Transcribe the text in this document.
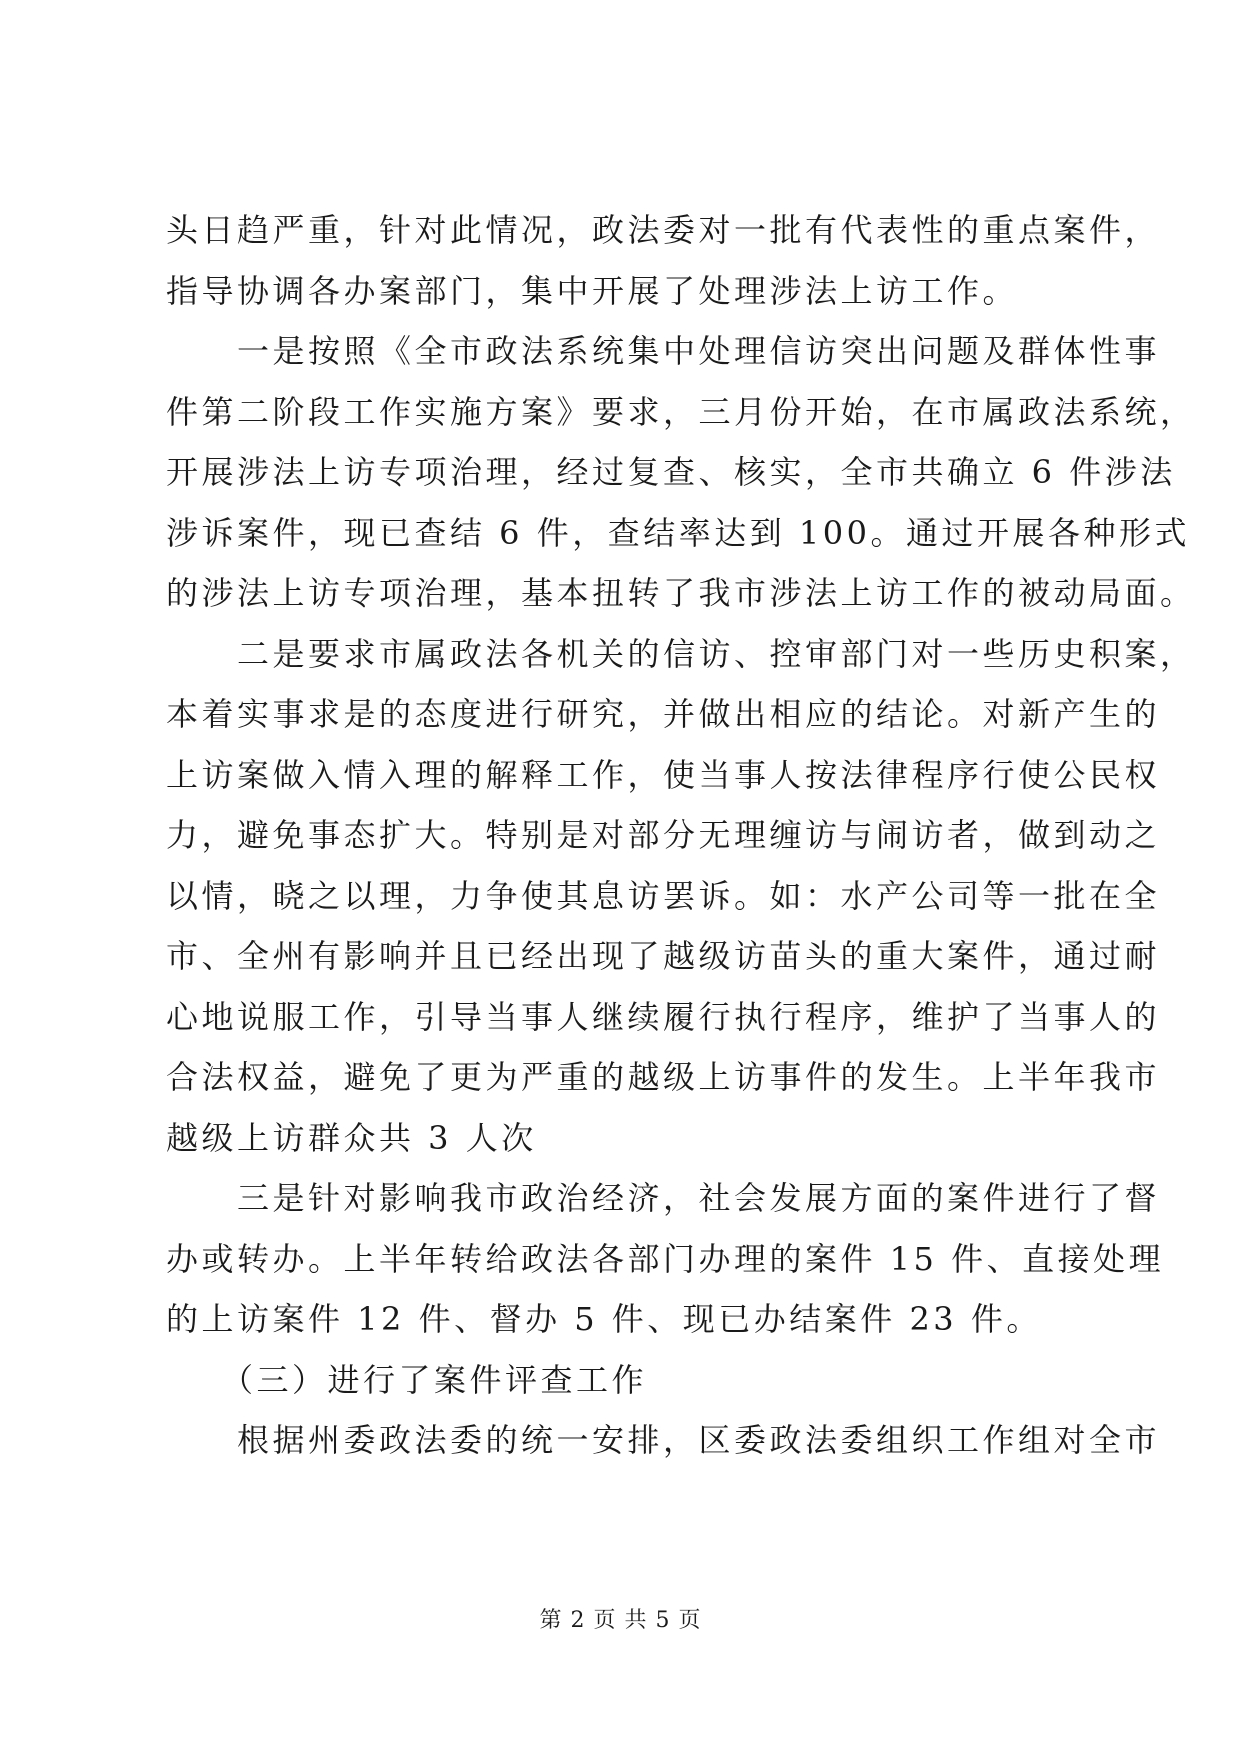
头日趋严重，针对此情况，政法委对一批有代表性的重点案件，
指导协调各办案部门，集中开展了处理涉法上访工作。
　　一是按照《全市政法系统集中处理信访突出问题及群体性事
件第二阶段工作实施方案》要求，三月份开始，在市属政法系统，
开展涉法上访专项治理，经过复查、核实，全市共确立 6 件涉法
涉诉案件，现已查结 6 件，查结率达到 100。通过开展各种形式
的涉法上访专项治理，基本扭转了我市涉法上访工作的被动局面。
　　二是要求市属政法各机关的信访、控审部门对一些历史积案，
本着实事求是的态度进行研究，并做出相应的结论。对新产生的
上访案做入情入理的解释工作，使当事人按法律程序行使公民权
力，避免事态扩大。特别是对部分无理缠访与闹访者，做到动之
以情，晓之以理，力争使其息访罢诉。如：水产公司等一批在全
市、全州有影响并且已经出现了越级访苗头的重大案件，通过耐
心地说服工作，引导当事人继续履行执行程序，维护了当事人的
合法权益，避免了更为严重的越级上访事件的发生。上半年我市
越级上访群众共 3 人次
　　三是针对影响我市政治经济，社会发展方面的案件进行了督
办或转办。上半年转给政法各部门办理的案件 15 件、直接处理
的上访案件 12 件、督办 5 件、现已办结案件 23 件。
　　（三）进行了案件评查工作
　　根据州委政法委的统一安排，区委政法委组织工作组对全市
第 2 页 共 5 页
